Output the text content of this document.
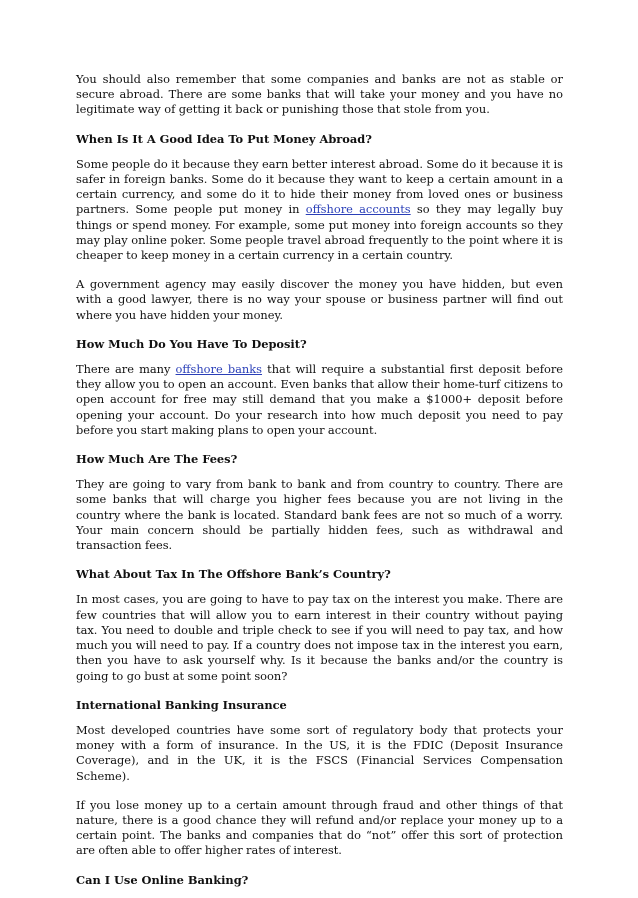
You should also remember that some companies and banks are not as stable or secure abroad. There are some banks that will take your money and you have no legitimate way of getting it back or punishing those that stole from you.

When Is It A Good Idea To Put Money Abroad?

Some people do it because they earn better interest abroad. Some do it because it is safer in foreign banks. Some do it because they want to keep a certain amount in a certain currency, and some do it to hide their money from loved ones or business partners. Some people put money in offshore accounts so they may legally buy things or spend money. For example, some put money into foreign accounts so they may play online poker. Some people travel abroad frequently to the point where it is cheaper to keep money in a certain currency in a certain country.

A government agency may easily discover the money you have hidden, but even with a good lawyer, there is no way your spouse or business partner will find out where you have hidden your money.

How Much Do You Have To Deposit?

There are many offshore banks that will require a substantial first deposit before they allow you to open an account. Even banks that allow their home-turf citizens to open account for free may still demand that you make a $1000+ deposit before opening your account. Do your research into how much deposit you need to pay before you start making plans to open your account.

How Much Are The Fees?

They are going to vary from bank to bank and from country to country. There are some banks that will charge you higher fees because you are not living in the country where the bank is located. Standard bank fees are not so much of a worry. Your main concern should be partially hidden fees, such as withdrawal and transaction fees.

What About Tax In The Offshore Bank’s Country?

In most cases, you are going to have to pay tax on the interest you make. There are few countries that will allow you to earn interest in their country without paying tax. You need to double and triple check to see if you will need to pay tax, and how much you will need to pay. If a country does not impose tax in the interest you earn, then you have to ask yourself why. Is it because the banks and/or the country is going to go bust at some point soon?

International Banking Insurance

Most developed countries have some sort of regulatory body that protects your money with a form of insurance. In the US, it is the FDIC (Deposit Insurance Coverage), and in the UK, it is the FSCS (Financial Services Compensation Scheme).

If you lose money up to a certain amount through fraud and other things of that nature, there is a good chance they will refund and/or replace your money up to a certain point. The banks and companies that do “not” offer this sort of protection are often able to offer higher rates of interest.

Can I Use Online Banking?
